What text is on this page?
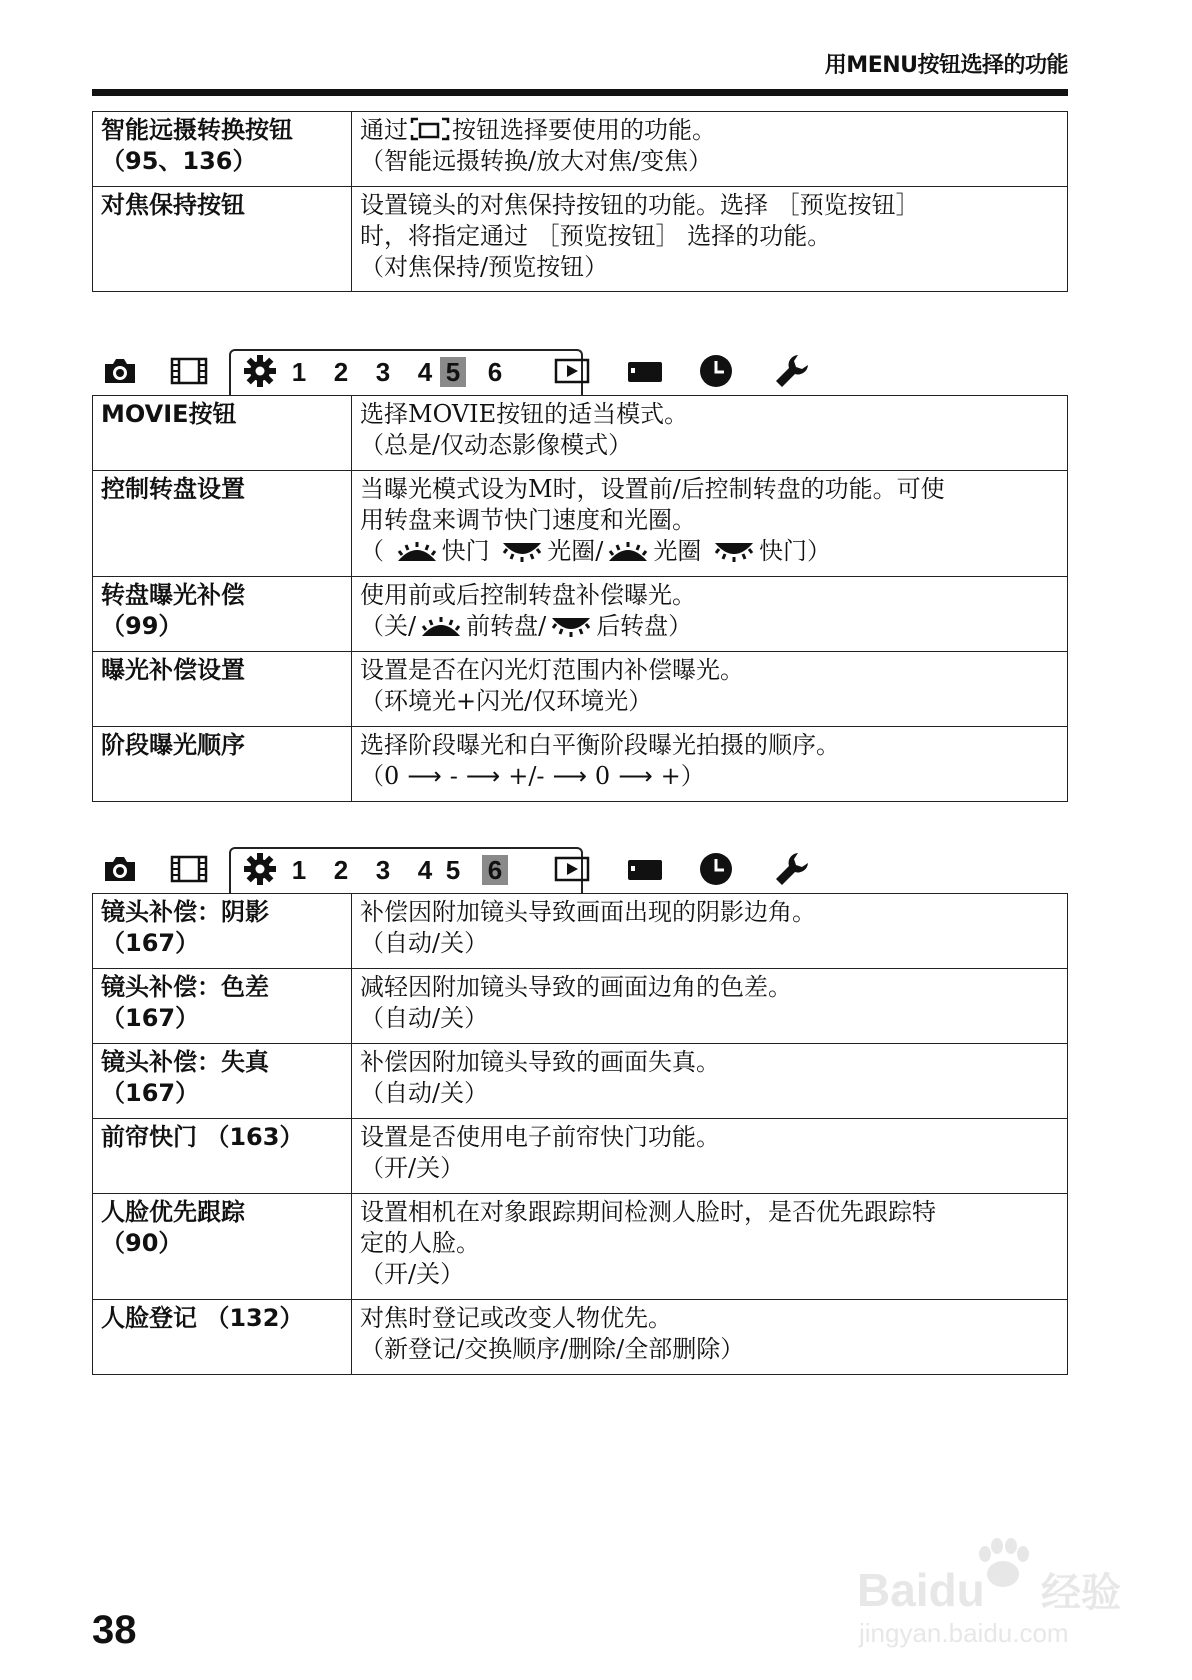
用MENU按钮选择的功能
智能远摄转换按钮
（95、136）	通过 按钮选择要使用的功能。
（智能远摄转换/放大对焦/变焦）

对焦保持按钮	设置镜头的对焦保持按钮的功能。选择 ［预览按钮］
时，将指定通过 ［预览按钮］ 选择的功能。
（对焦保持/预览按钮）
1 2 3 4 5 6
MOVIE按钮	选择MOVIE按钮的适当模式。
（总是/仅动态影像模式）

控制转盘设置	当曝光模式设为M时，设置前/后控制转盘的功能。可使
用转盘来调节快门速度和光圈。
（ 快门 光圈/ 光圈 快门）

转盘曝光补偿
（99）	使用前或后控制转盘补偿曝光。
（关/ 前转盘/ 后转盘）

曝光补偿设置	设置是否在闪光灯范围内补偿曝光。
（环境光+闪光/仅环境光）

阶段曝光顺序	选择阶段曝光和白平衡阶段曝光拍摄的顺序。
（0 ⟶ - ⟶ +/- ⟶ 0 ⟶ +）
1 2 3 4 5 6
镜头补偿：阴影
（167）	补偿因附加镜头导致画面出现的阴影边角。
（自动/关）

镜头补偿：色差
（167）	减轻因附加镜头导致的画面边角的色差。
（自动/关）

镜头补偿：失真
（167）	补偿因附加镜头导致的画面失真。
（自动/关）

前帘快门 （163）	设置是否使用电子前帘快门功能。
（开/关）

人脸优先跟踪
（90）	设置相机在对象跟踪期间检测人脸时，是否优先跟踪特
定的人脸。
（开/关）

人脸登记 （132）	对焦时登记或改变人物优先。
（新登记/交换顺序/删除/全部删除）
38
Baidu 经验
jingyan.baidu.com
